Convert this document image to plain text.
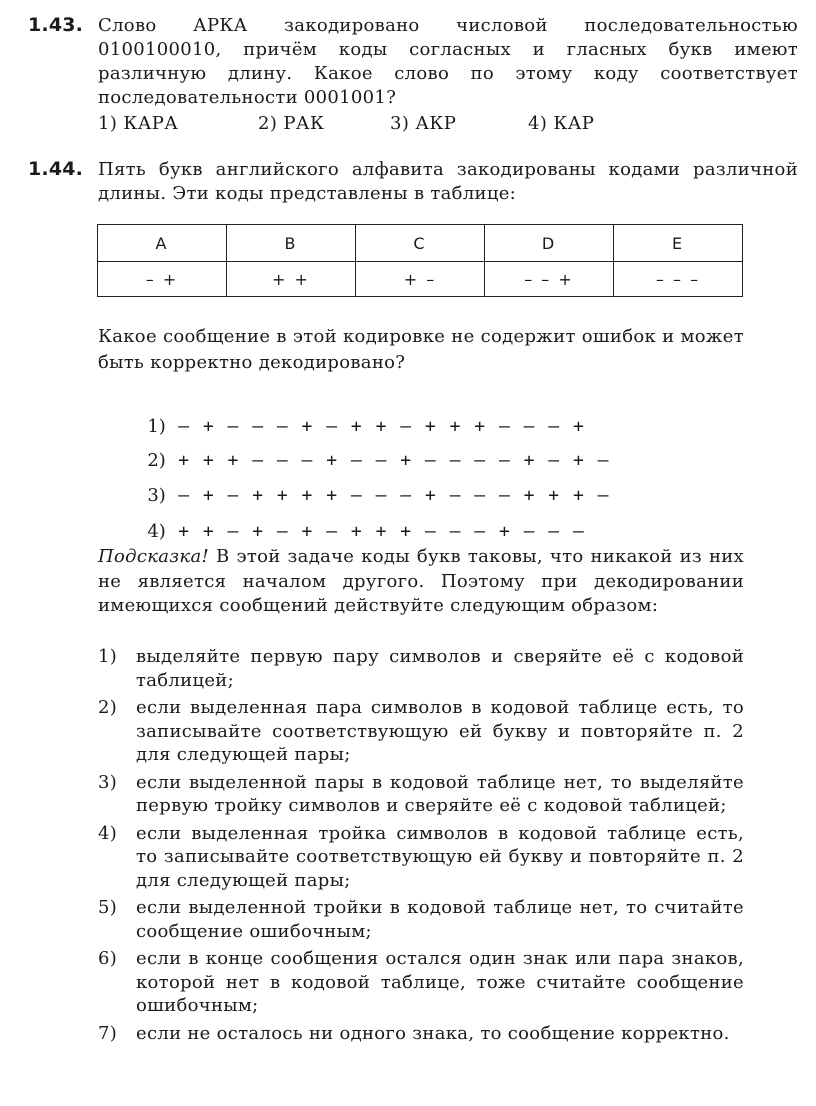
1.43. Слово АРКА закодировано числовой последовательностью 0100100010, причём коды согласных и гласных букв имеют различную длину. Какое слово по этому коду соответствует последовательности 0001001?
1) КАРА	2) РАК	3) АКР	4) КАР
1.44. Пять букв английского алфавита закодированы кодами различной длины. Эти коды представлены в таблице:
A	B	C	D	E
– +	+ +	+ –	– – +	– – –
Какое сообщение в этой кодировке не содержит ошибок и может быть корректно декодировано?

1) – + – – – + – + + – + + + – – – +

2) + + + – – – + – – + – – – – + – + –

3) – + – + + + + – – – + – – – + + + –

4) + + – + – + – + + + – – – + – – –

Подсказка! В этой задаче коды букв таковы, что никакой из них не является началом другого. Поэтому при декодировании имеющихся сообщений действуйте следующим образом:
1)	выделяйте первую пару символов и сверяйте её с кодовой таблицей;
2)	если выделенная пара символов в кодовой таблице есть, то записывайте соответствующую ей букву и повторяйте п. 2 для следующей пары;
3)	если выделенной пары в кодовой таблице нет, то выделяйте первую тройку символов и сверяйте её с кодовой таблицей;
4)	если выделенная тройка символов в кодовой таблице есть, то записывайте соответствующую ей букву и повторяйте п. 2 для следующей пары;
5)	если выделенной тройки в кодовой таблице нет, то считайте сообщение ошибочным;
6)	если в конце сообщения остался один знак или пара знаков, которой нет в кодовой таблице, тоже считайте сообщение ошибочным;
7)	если не осталось ни одного знака, то сообщение корректно.
